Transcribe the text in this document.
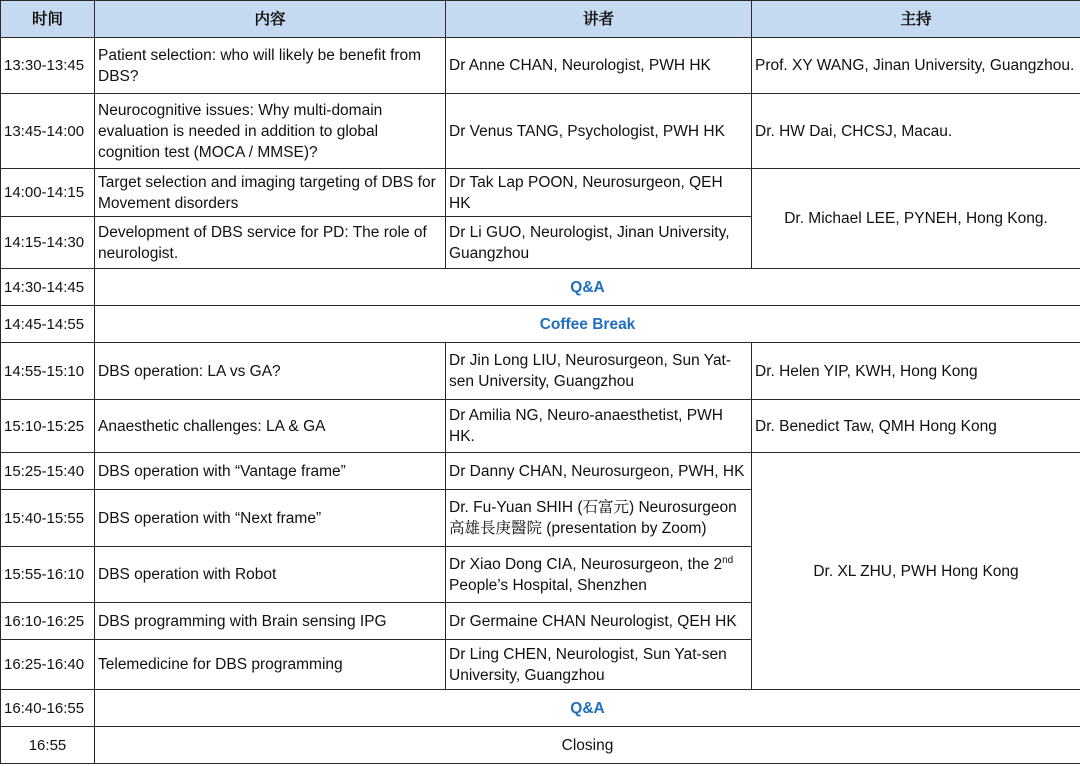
时间	内容	讲者	主持
13:30-13:45	Patient selection: who will likely be benefit from DBS?	Dr Anne CHAN, Neurologist, PWH HK	Prof. XY WANG, Jinan University, Guangzhou.
13:45-14:00	Neurocognitive issues: Why multi-domain evaluation is needed in addition to global cognition test (MOCA / MMSE)?	Dr Venus TANG, Psychologist, PWH HK	Dr. HW Dai, CHCSJ, Macau.
14:00-14:15	Target selection and imaging targeting of DBS for Movement disorders	Dr Tak Lap POON, Neurosurgeon, QEH HK	Dr. Michael LEE, PYNEH, Hong Kong.
14:15-14:30	Development of DBS service for PD: The role of neurologist.	Dr Li GUO, Neurologist, Jinan University, Guangzhou	
14:30-14:45	Q&A		
14:45-14:55	Coffee Break		
14:55-15:10	DBS operation: LA vs GA?	Dr Jin Long LIU, Neurosurgeon, Sun Yat-sen University, Guangzhou	Dr. Helen YIP, KWH, Hong Kong
15:10-15:25	Anaesthetic challenges: LA & GA	Dr Amilia NG, Neuro-anaesthetist, PWH HK.	Dr. Benedict Taw, QMH Hong Kong
15:25-15:40	DBS operation with “Vantage frame”	Dr Danny CHAN, Neurosurgeon, PWH, HK	Dr. XL ZHU, PWH Hong Kong
15:40-15:55	DBS operation with “Next frame”	Dr. Fu-Yuan SHIH (石富元) Neurosurgeon 高雄長庚醫院 (presentation by Zoom)	
15:55-16:10	DBS operation with Robot	Dr Xiao Dong CIA, Neurosurgeon, the 2nd People’s Hospital, Shenzhen	
16:10-16:25	DBS programming with Brain sensing IPG	Dr Germaine CHAN Neurologist, QEH HK	
16:25-16:40	Telemedicine for DBS programming	Dr Ling CHEN, Neurologist, Sun Yat-sen University, Guangzhou	
16:40-16:55	Q&A		
16:55	Closing		
